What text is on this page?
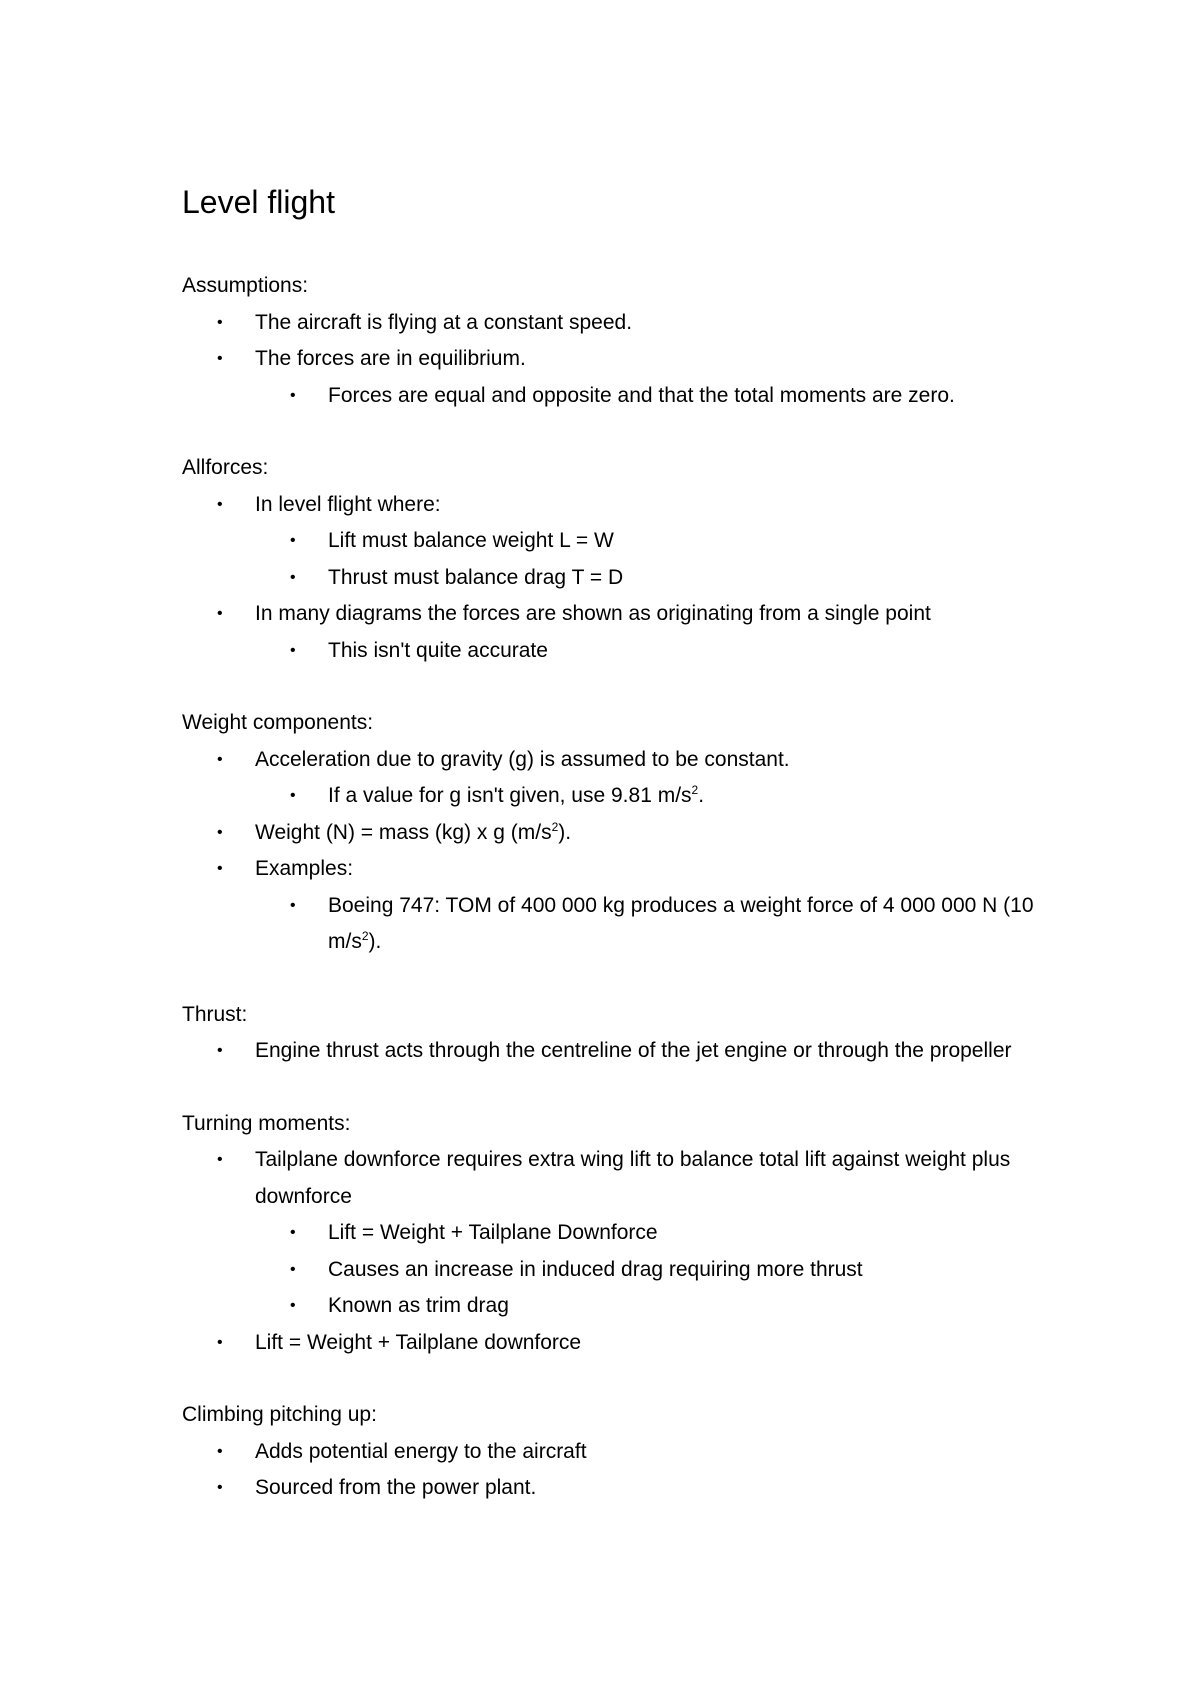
Level flight

Assumptions:

• The aircraft is flying at a constant speed.
• The forces are in equilibrium.
• Forces are equal and opposite and that the total moments are zero.

Allforces:

• In level flight where:
• Lift must balance weight L = W
• Thrust must balance drag T = D
• In many diagrams the forces are shown as originating from a single point
• This isn't quite accurate

Weight components:

• Acceleration due to gravity (g) is assumed to be constant.
• If a value for g isn't given, use 9.81 $m/s^2$.
• Weight (N) = mass (kg) x g $(m/s^2)$.
• Examples:
• Boeing 747: TOM of 400 000 kg produces a weight force of 4 000 000 N (10 $m/s^2$).

Thrust:

• Engine thrust acts through the centreline of the jet engine or through the propeller

Turning moments:

• Tailplane downforce requires extra wing lift to balance total lift against weight plus downforce
• Lift = Weight + Tailplane Downforce
• Causes an increase in induced drag requiring more thrust
• Known as trim drag
• Lift = Weight + Tailplane downforce

Climbing pitching up:

• Adds potential energy to the aircraft
• Sourced from the power plant.
